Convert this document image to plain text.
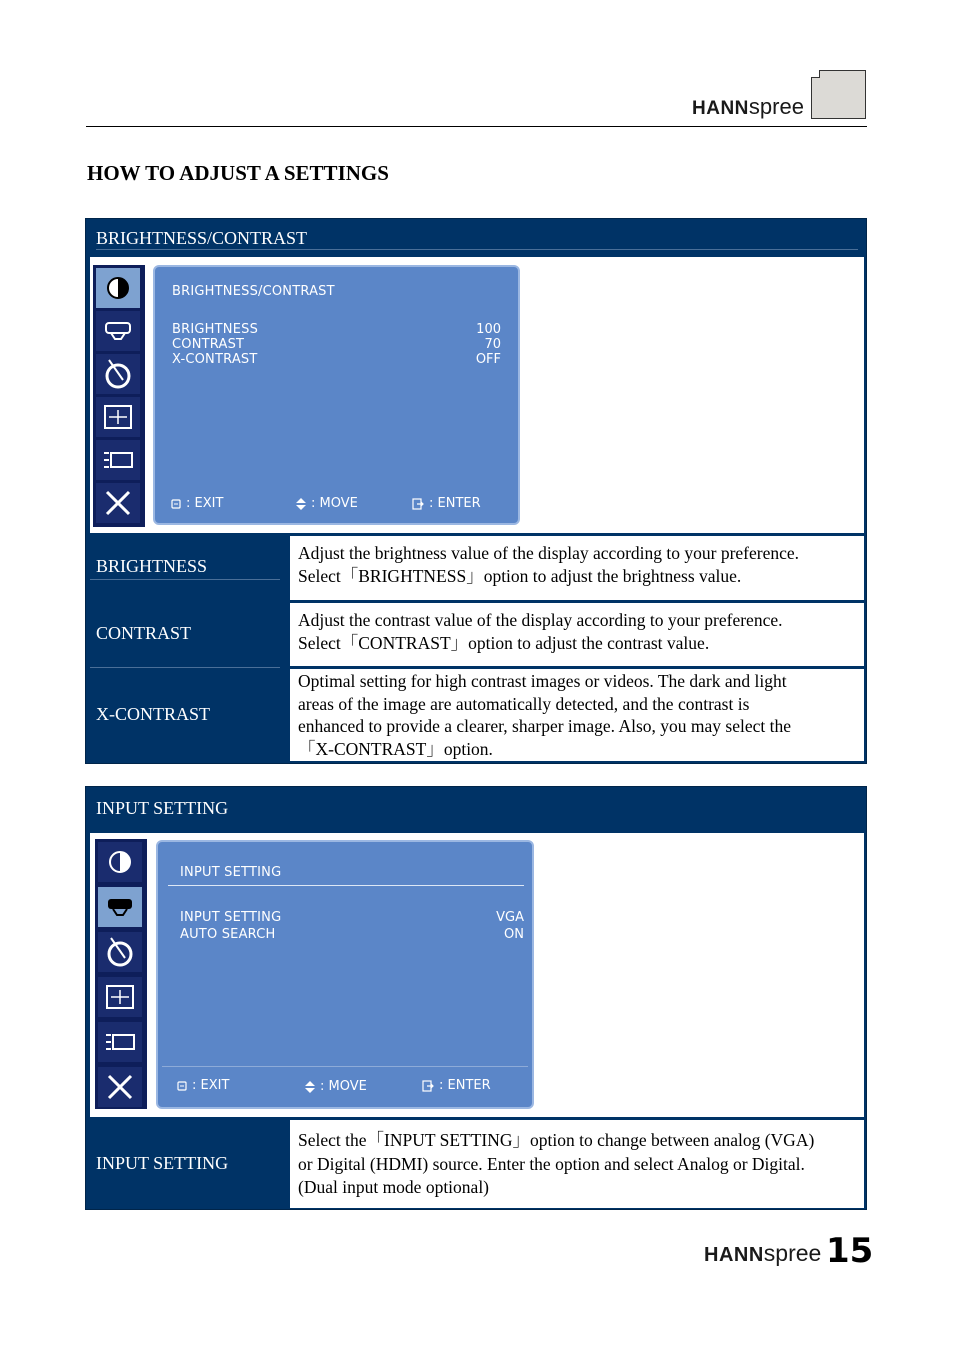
HANNspree
HOW TO ADJUST A SETTINGS
BRIGHTNESS/CONTRAST
BRIGHTNESS/CONTRAST
BRIGHTNESS	100
CONTRAST	70
X-CONTRAST	OFF
: EXIT	: MOVE	: ENTER
BRIGHTNESS
Adjust the brightness value of the display according to your preference.
Select「BRIGHTNESS」option to adjust the brightness value.
CONTRAST
Adjust the contrast value of the display according to your preference.
Select「CONTRAST」option to adjust the contrast value.
X-CONTRAST
Optimal setting for high contrast images or videos. The dark and light
areas of the image are automatically detected, and the contrast is
enhanced to provide a clearer, sharper image. Also, you may select the
「X-CONTRAST」option.
INPUT SETTING
INPUT SETTING
INPUT SETTING	VGA
AUTO SEARCH	ON
: EXIT	: MOVE	: ENTER
INPUT SETTING
Select the「INPUT SETTING」option to change between analog (VGA)
or Digital (HDMI) source. Enter the option and select Analog or Digital.
(Dual input mode optional)
HANNspree 15
